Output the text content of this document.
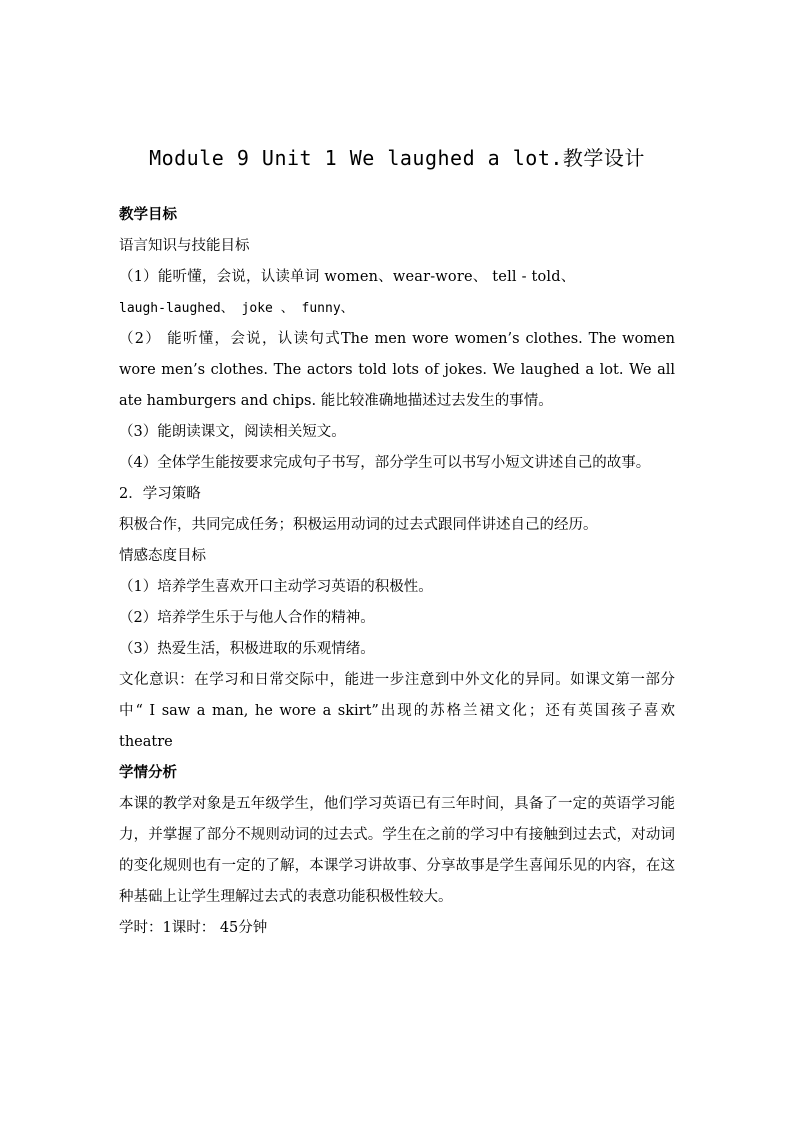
Module 9 Unit 1 We laughed a lot.教学设计
教学目标
语言知识与技能目标
（1）能听懂，会说，认读单词 women、wear-wore、 tell - told、
laugh-laughed、 joke 、 funny、
（2） 能听懂，会说，认读句式The men wore women’s clothes. The women wore men’s clothes. The actors told lots of jokes. We laughed a lot. We all ate hamburgers and chips. 能比较准确地描述过去发生的事情。
（3）能朗读课文，阅读相关短文。
（4）全体学生能按要求完成句子书写，部分学生可以书写小短文讲述自己的故事。
2．学习策略
积极合作，共同完成任务；积极运用动词的过去式跟同伴讲述自己的经历。
情感态度目标
（1）培养学生喜欢开口主动学习英语的积极性。
（2）培养学生乐于与他人合作的精神。
（3）热爱生活，积极进取的乐观情绪。
文化意识：在学习和日常交际中，能进一步注意到中外文化的异同。如课文第一部分中“ I saw a man, he wore a skirt”出现的苏格兰裙文化；还有英国孩子喜欢 theatre
学情分析
本课的教学对象是五年级学生，他们学习英语已有三年时间，具备了一定的英语学习能力，并掌握了部分不规则动词的过去式。学生在之前的学习中有接触到过去式，对动词的变化规则也有一定的了解，本课学习讲故事、分享故事是学生喜闻乐见的内容，在这种基础上让学生理解过去式的表意功能积极性较大。
学时：1课时： 45分钟
